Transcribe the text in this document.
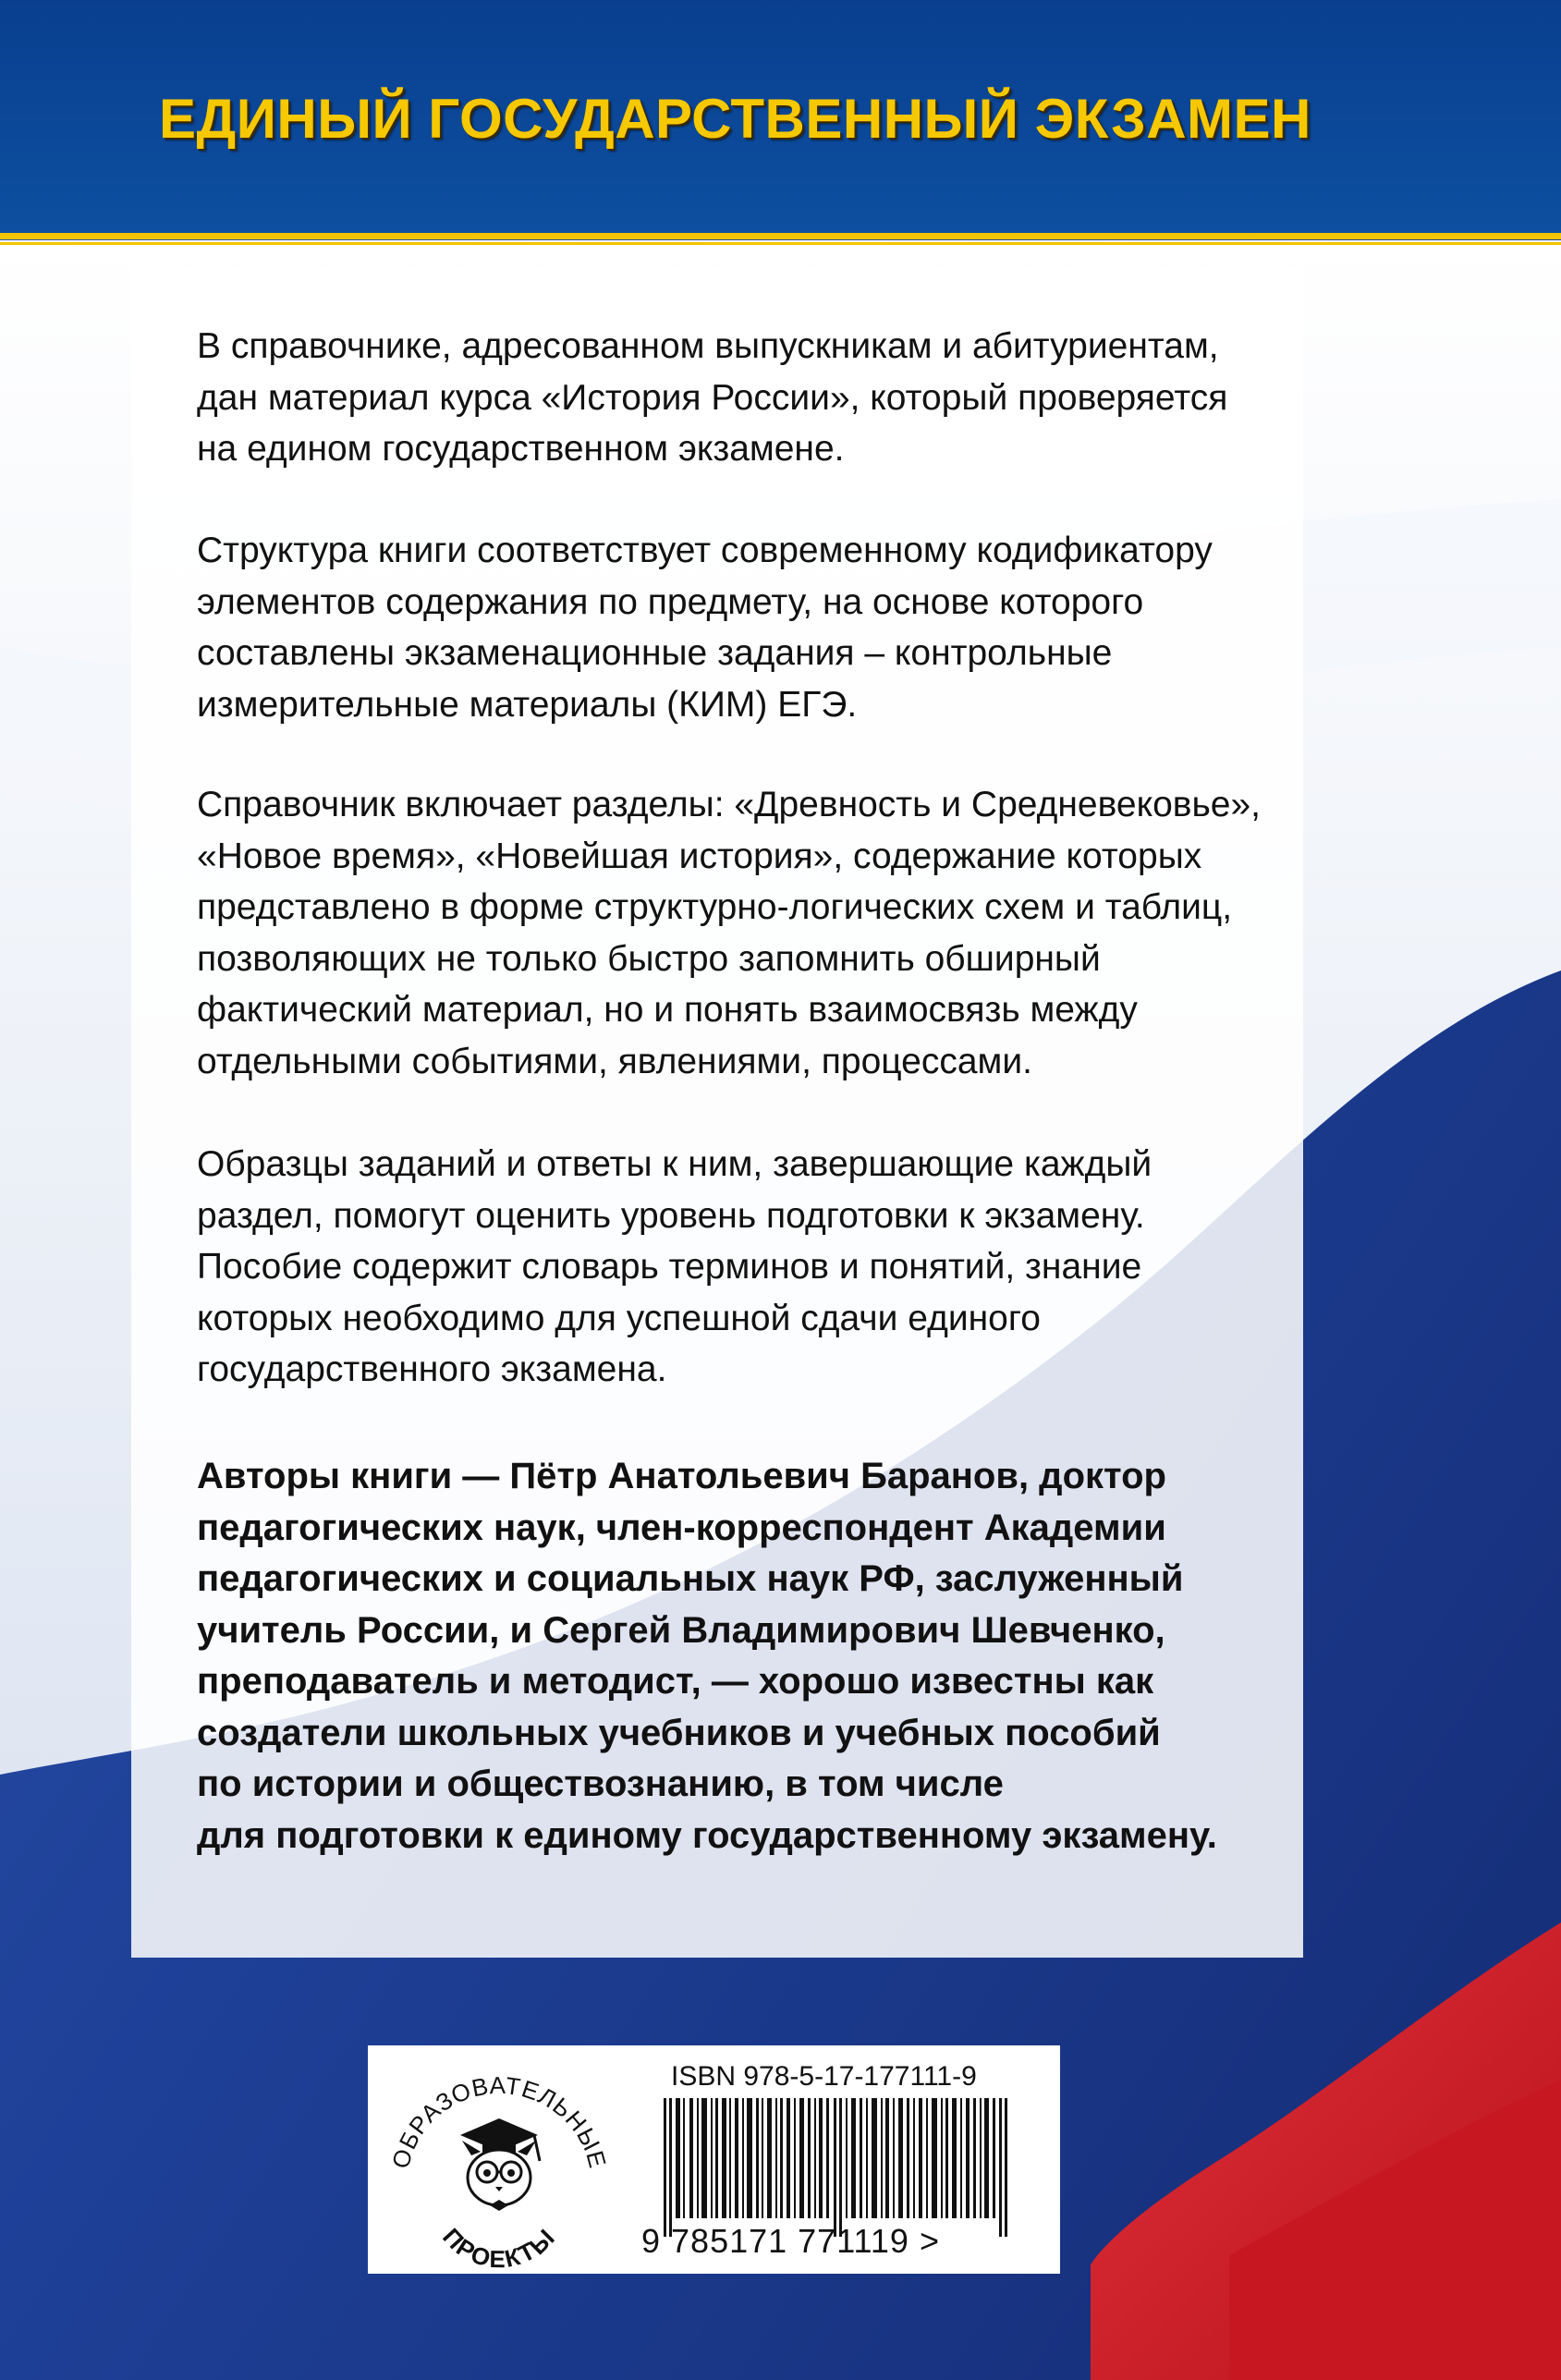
ЕДИНЫЙ ГОСУДАРСТВЕННЫЙ ЭКЗАМЕН

В справочнике, адресованном выпускникам и абитуриентам,
дан материал курса «История России», который проверяется
на едином государственном экзамене.

Структура книги соответствует современному кодификатору
элементов содержания по предмету, на основе которого
составлены экзаменационные задания – контрольные
измерительные материалы (КИМ) ЕГЭ.

Справочник включает разделы: «Древность и Средневековье»,
«Новое время», «Новейшая история», содержание которых
представлено в форме структурно-логических схем и таблиц,
позволяющих не только быстро запомнить обширный
фактический материал, но и понять взаимосвязь между
отдельными событиями, явлениями, процессами.

Образцы заданий и ответы к ним, завершающие каждый
раздел, помогут оценить уровень подготовки к экзамену.
Пособие содержит словарь терминов и понятий, знание
которых необходимо для успешной сдачи единого
государственного экзамена.

Авторы книги — Пётр Анатольевич Баранов, доктор
педагогических наук, член-корреспондент Академии
педагогических и социальных наук РФ, заслуженный
учитель России, и Сергей Владимирович Шевченко,
преподаватель и методист, — хорошо известны как
создатели школьных учебников и учебных пособий
по истории и обществознанию, в том числе
для подготовки к единому государственному экзамену.

ОБРАЗОВАТЕЛЬНЫЕ
ПРОЕКТЫ

ISBN 978-5-17-177111-9

9 785171 771119 >
